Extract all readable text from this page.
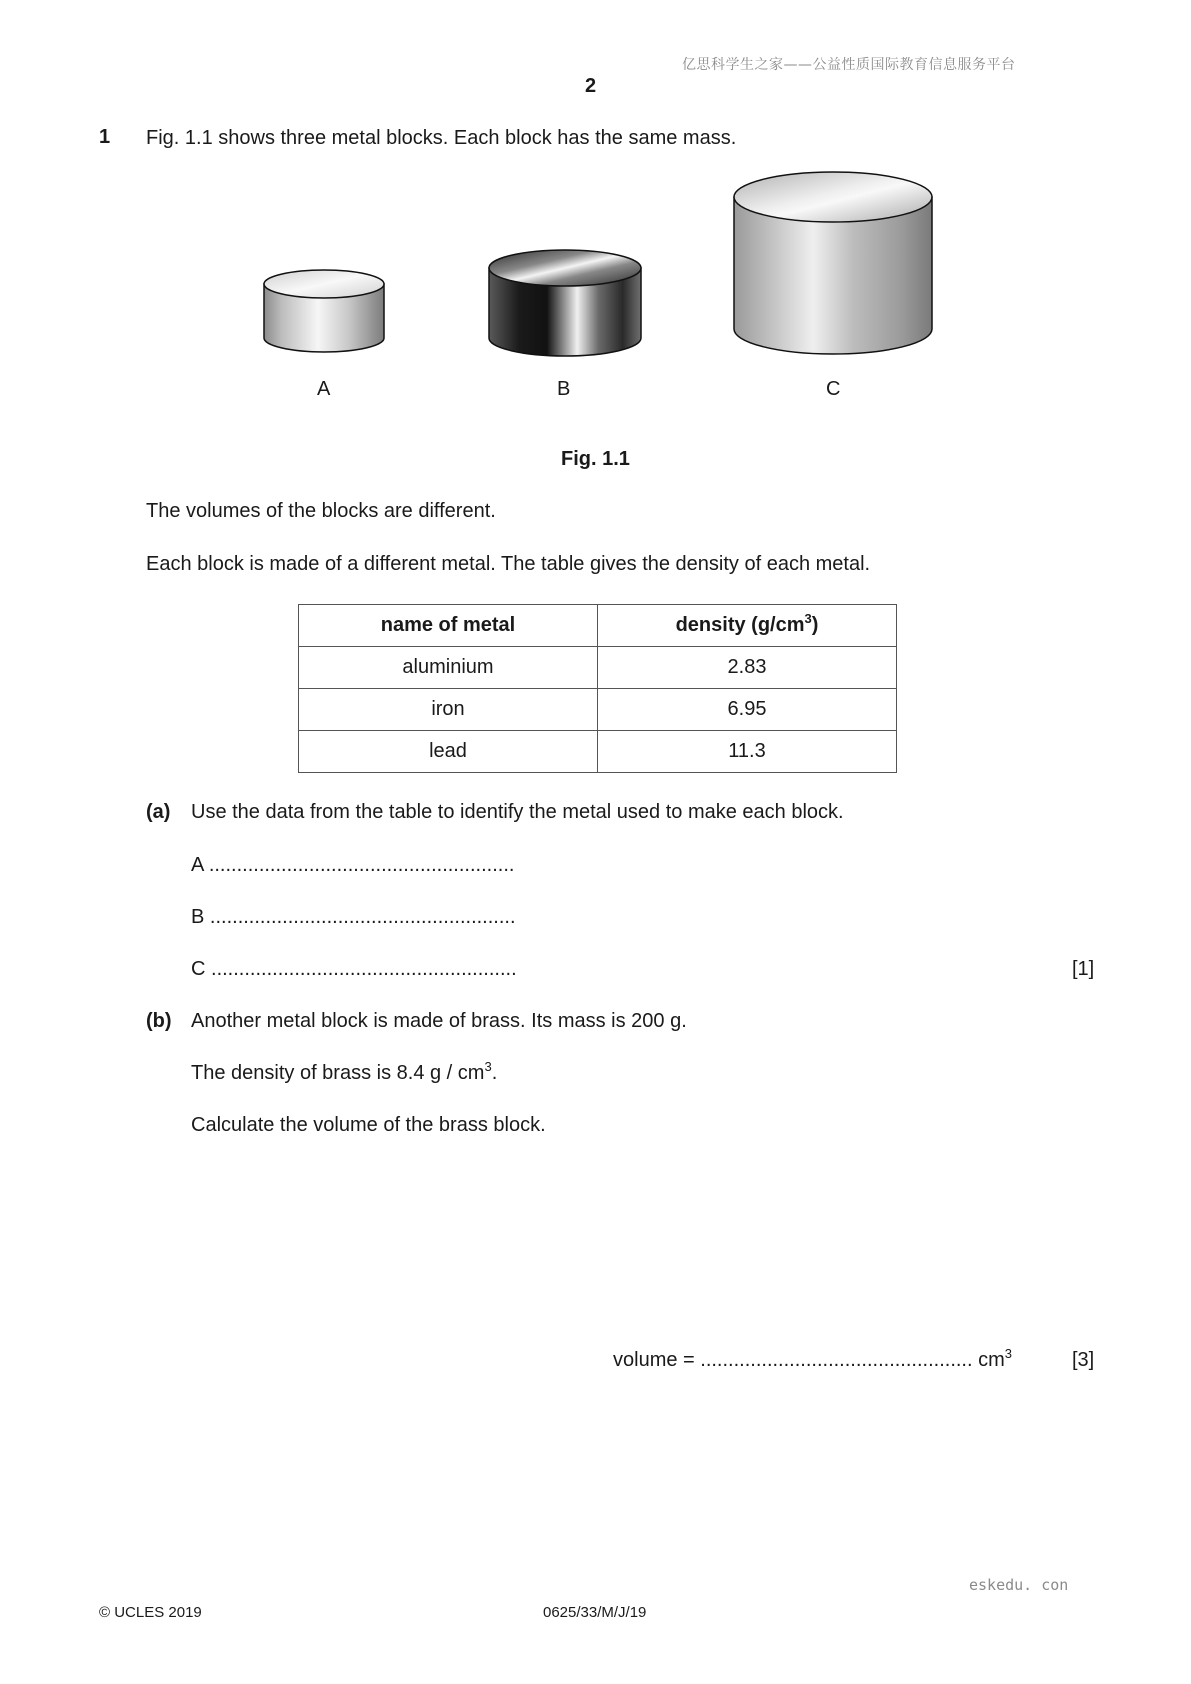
亿思科学生之家——公益性质国际教育信息服务平台
2
1 Fig. 1.1 shows three metal blocks. Each block has the same mass.
A	B	C
Fig. 1.1
The volumes of the blocks are different.
Each block is made of a different metal. The table gives the density of each metal.
name of metal	density $(g/cm^3)$
aluminium	2.83
iron	6.95
lead	11.3
(a) Use the data from the table to identify the metal used to make each block.
A .......................................................
B .......................................................
C .......................................................	[1]
(b) Another metal block is made of brass. Its mass is 200 g.
The density of brass is 8.4 g / $cm^3$.
Calculate the volume of the brass block.
volume = ................................................. $cm^3$	[3]
eskedu. con
© UCLES 2019	0625/33/M/J/19
